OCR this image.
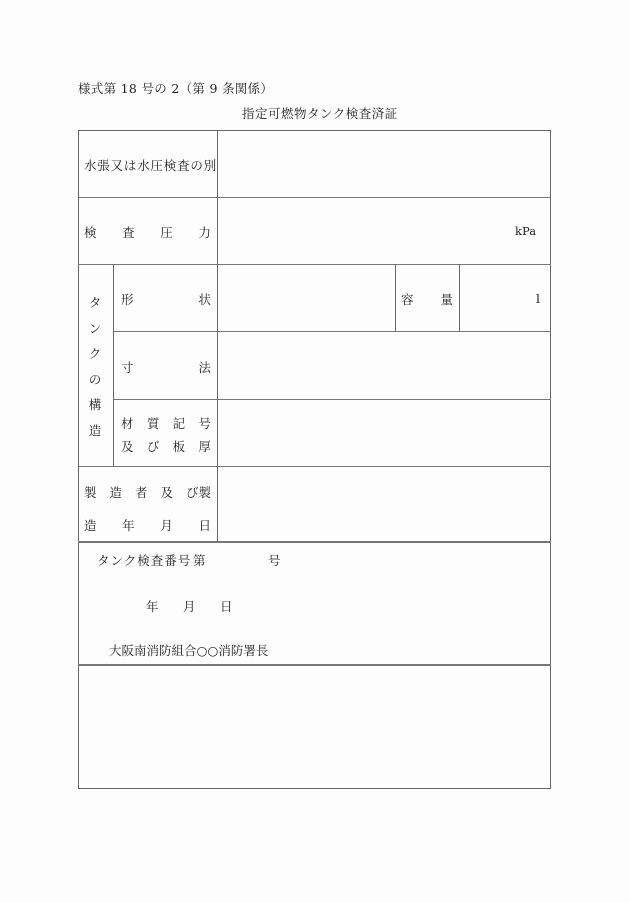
様式第 18 号の 2（第 9 条関係）
指定可燃物タンク検査済証
水張又は水圧検査の別
検 査 圧 力	kPa
タ
ン
ク
の
構
造
形	状	容 量	l
寸	法
材 質 記 号
及 び 板 厚
製 造 者 及 び製
造 年 月 日
タンク検査番号 第	号
年 月 日
大阪南消防組合○○消防署長
